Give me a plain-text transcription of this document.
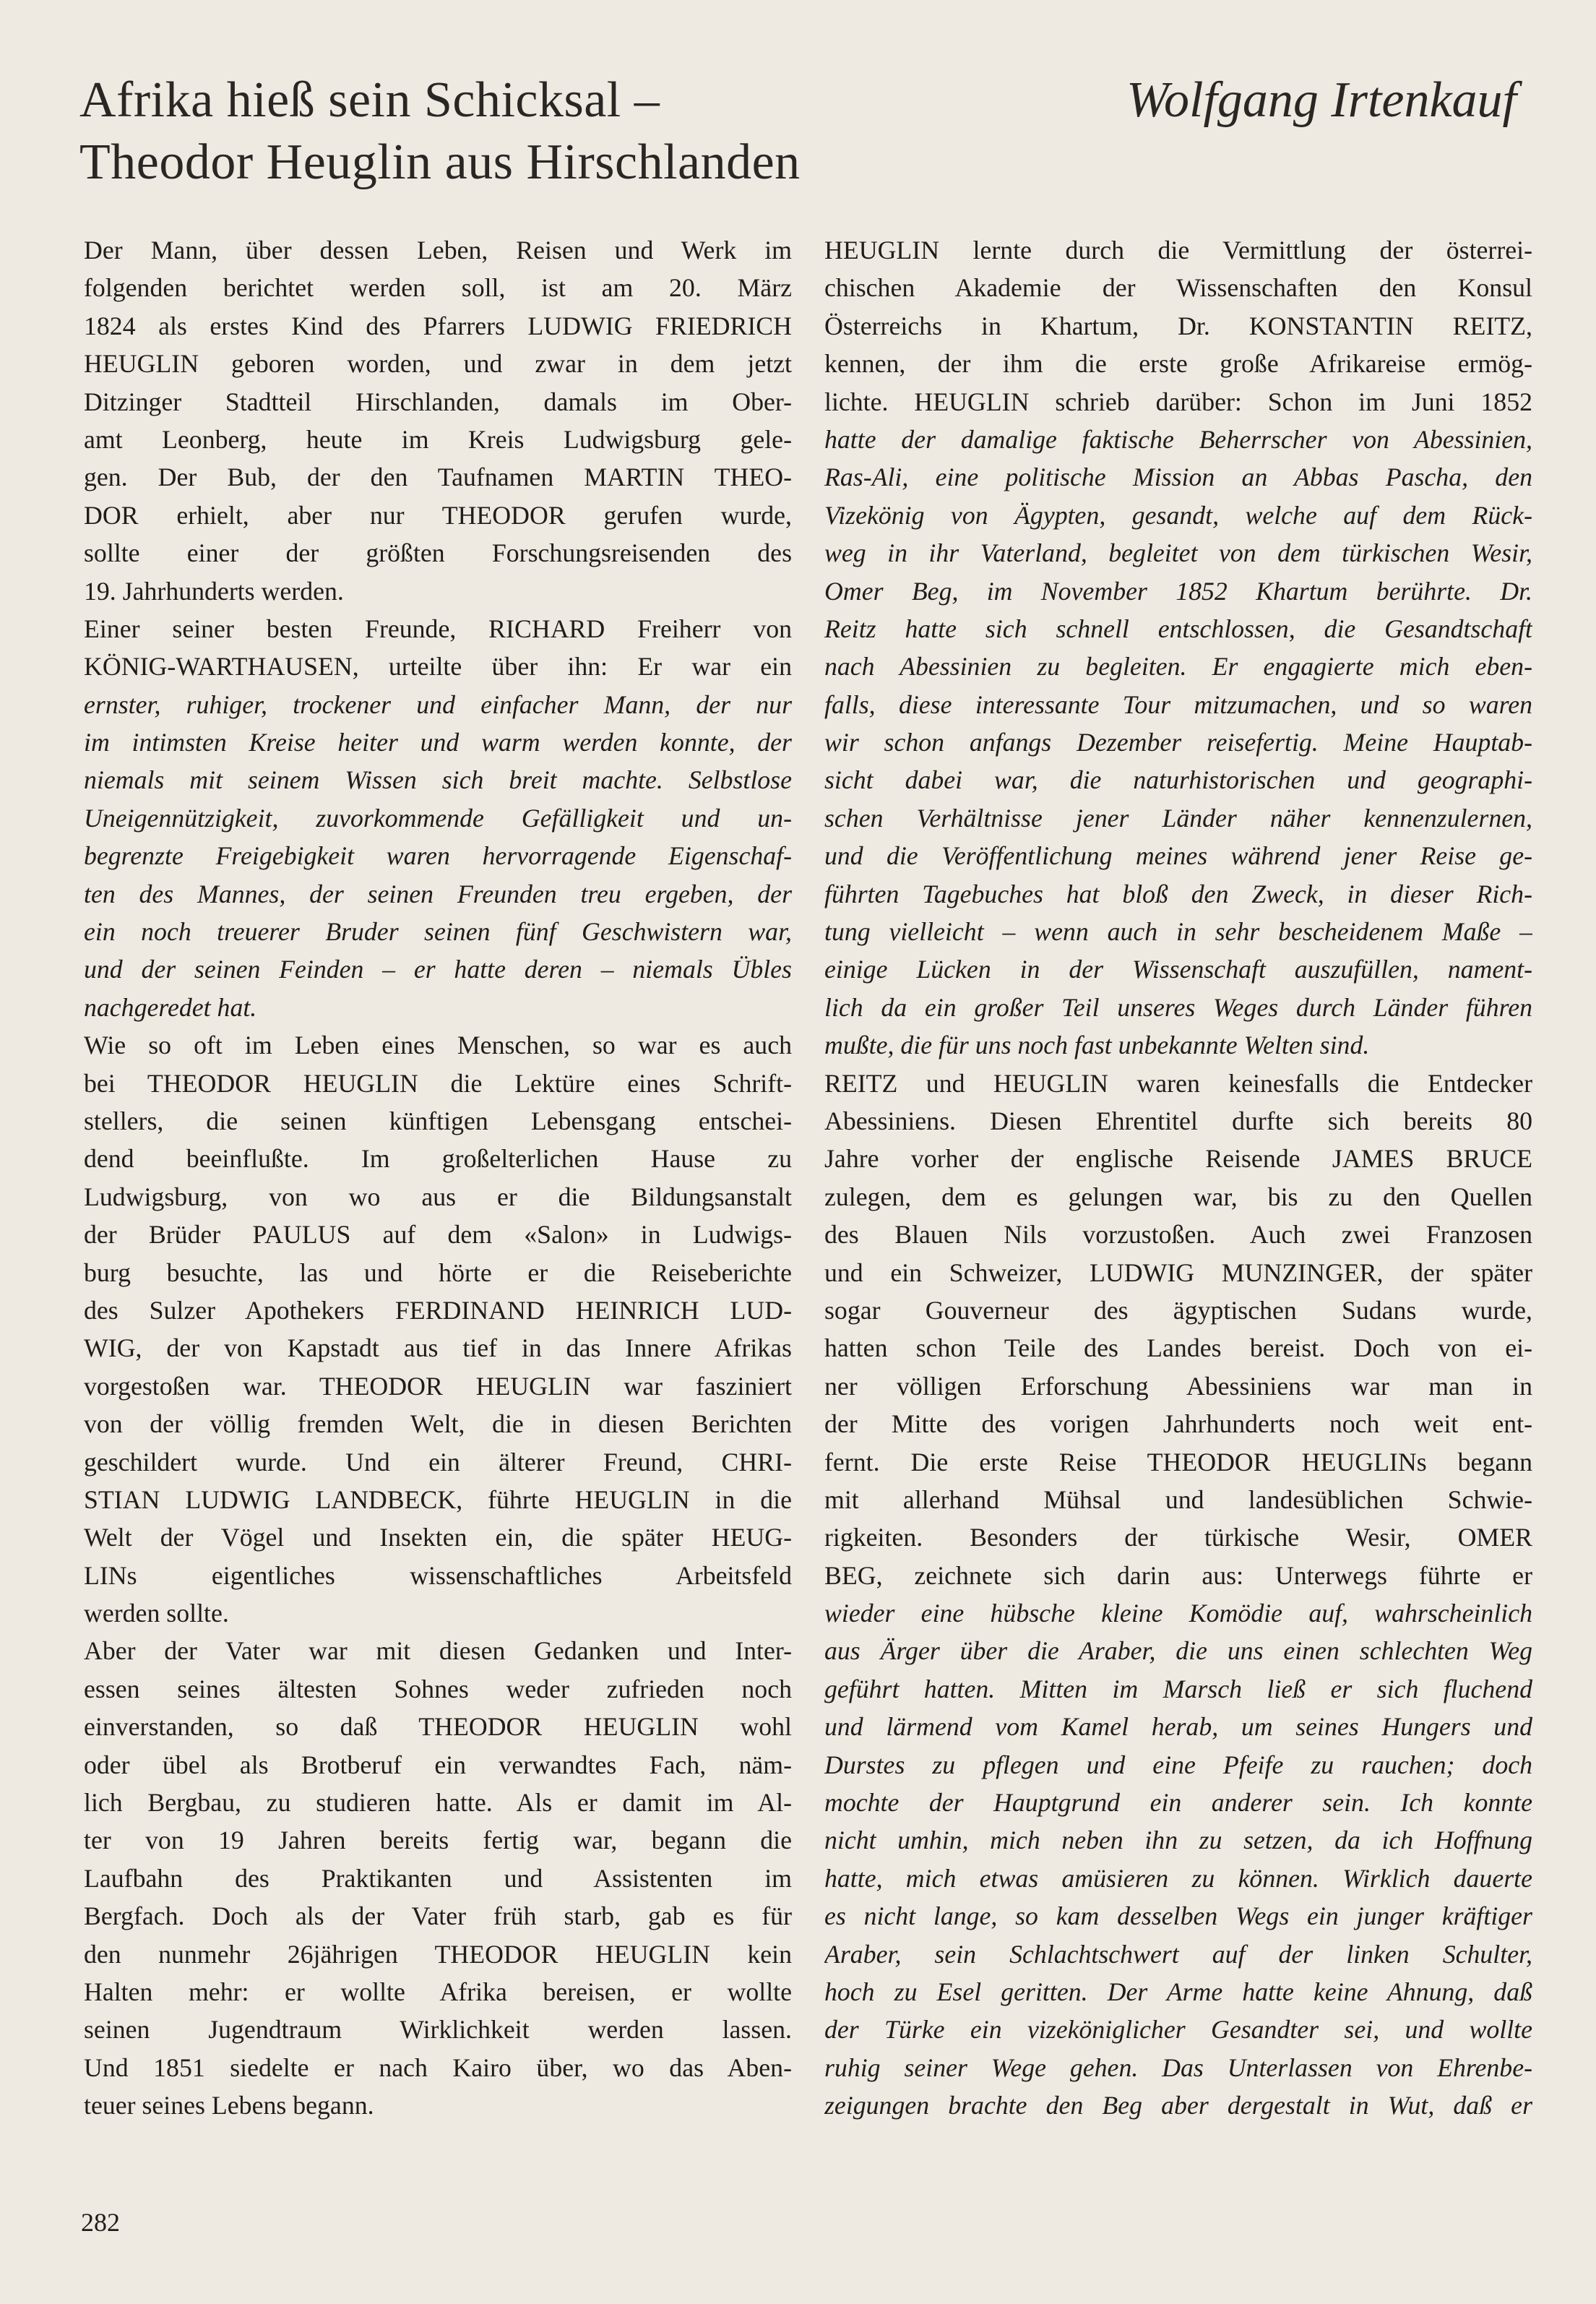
Afrika hieß sein Schicksal –
Theodor Heuglin aus Hirschlanden
Wolfgang Irtenkauf
Der Mann, über dessen Leben, Reisen und Werk im
folgenden berichtet werden soll, ist am 20. März
1824 als erstes Kind des Pfarrers LUDWIG FRIEDRICH
HEUGLIN geboren worden, und zwar in dem jetzt
Ditzinger Stadtteil Hirschlanden, damals im Ober-
amt Leonberg, heute im Kreis Ludwigsburg gele-
gen. Der Bub, der den Taufnamen MARTIN THEO-
DOR erhielt, aber nur THEODOR gerufen wurde,
sollte einer der größten Forschungsreisenden des
19. Jahrhunderts werden.
Einer seiner besten Freunde, RICHARD Freiherr von
KÖNIG-WARTHAUSEN, urteilte über ihn: Er war ein
ernster, ruhiger, trockener und einfacher Mann, der nur
im intimsten Kreise heiter und warm werden konnte, der
niemals mit seinem Wissen sich breit machte. Selbstlose
Uneigennützigkeit, zuvorkommende Gefälligkeit und un-
begrenzte Freigebigkeit waren hervorragende Eigenschaf-
ten des Mannes, der seinen Freunden treu ergeben, der
ein noch treuerer Bruder seinen fünf Geschwistern war,
und der seinen Feinden – er hatte deren – niemals Übles
nachgeredet hat.
Wie so oft im Leben eines Menschen, so war es auch
bei THEODOR HEUGLIN die Lektüre eines Schrift-
stellers, die seinen künftigen Lebensgang entschei-
dend beeinflußte. Im großelterlichen Hause zu
Ludwigsburg, von wo aus er die Bildungsanstalt
der Brüder PAULUS auf dem «Salon» in Ludwigs-
burg besuchte, las und hörte er die Reiseberichte
des Sulzer Apothekers FERDINAND HEINRICH LUD-
WIG, der von Kapstadt aus tief in das Innere Afrikas
vorgestoßen war. THEODOR HEUGLIN war fasziniert
von der völlig fremden Welt, die in diesen Berichten
geschildert wurde. Und ein älterer Freund, CHRI-
STIAN LUDWIG LANDBECK, führte HEUGLIN in die
Welt der Vögel und Insekten ein, die später HEUG-
LINs eigentliches wissenschaftliches Arbeitsfeld
werden sollte.
Aber der Vater war mit diesen Gedanken und Inter-
essen seines ältesten Sohnes weder zufrieden noch
einverstanden, so daß THEODOR HEUGLIN wohl
oder übel als Brotberuf ein verwandtes Fach, näm-
lich Bergbau, zu studieren hatte. Als er damit im Al-
ter von 19 Jahren bereits fertig war, begann die
Laufbahn des Praktikanten und Assistenten im
Bergfach. Doch als der Vater früh starb, gab es für
den nunmehr 26jährigen THEODOR HEUGLIN kein
Halten mehr: er wollte Afrika bereisen, er wollte
seinen Jugendtraum Wirklichkeit werden lassen.
Und 1851 siedelte er nach Kairo über, wo das Aben-
teuer seines Lebens begann.
HEUGLIN lernte durch die Vermittlung der österrei-
chischen Akademie der Wissenschaften den Konsul
Österreichs in Khartum, Dr. KONSTANTIN REITZ,
kennen, der ihm die erste große Afrikareise ermög-
lichte. HEUGLIN schrieb darüber: Schon im Juni 1852
hatte der damalige faktische Beherrscher von Abessinien,
Ras-Ali, eine politische Mission an Abbas Pascha, den
Vizekönig von Ägypten, gesandt, welche auf dem Rück-
weg in ihr Vaterland, begleitet von dem türkischen Wesir,
Omer Beg, im November 1852 Khartum berührte. Dr.
Reitz hatte sich schnell entschlossen, die Gesandtschaft
nach Abessinien zu begleiten. Er engagierte mich eben-
falls, diese interessante Tour mitzumachen, und so waren
wir schon anfangs Dezember reisefertig. Meine Hauptab-
sicht dabei war, die naturhistorischen und geographi-
schen Verhältnisse jener Länder näher kennenzulernen,
und die Veröffentlichung meines während jener Reise ge-
führten Tagebuches hat bloß den Zweck, in dieser Rich-
tung vielleicht – wenn auch in sehr bescheidenem Maße –
einige Lücken in der Wissenschaft auszufüllen, nament-
lich da ein großer Teil unseres Weges durch Länder führen
mußte, die für uns noch fast unbekannte Welten sind.
REITZ und HEUGLIN waren keinesfalls die Entdecker
Abessiniens. Diesen Ehrentitel durfte sich bereits 80
Jahre vorher der englische Reisende JAMES BRUCE
zulegen, dem es gelungen war, bis zu den Quellen
des Blauen Nils vorzustoßen. Auch zwei Franzosen
und ein Schweizer, LUDWIG MUNZINGER, der später
sogar Gouverneur des ägyptischen Sudans wurde,
hatten schon Teile des Landes bereist. Doch von ei-
ner völligen Erforschung Abessiniens war man in
der Mitte des vorigen Jahrhunderts noch weit ent-
fernt. Die erste Reise THEODOR HEUGLINs begann
mit allerhand Mühsal und landesüblichen Schwie-
rigkeiten. Besonders der türkische Wesir, OMER
BEG, zeichnete sich darin aus: Unterwegs führte er
wieder eine hübsche kleine Komödie auf, wahrscheinlich
aus Ärger über die Araber, die uns einen schlechten Weg
geführt hatten. Mitten im Marsch ließ er sich fluchend
und lärmend vom Kamel herab, um seines Hungers und
Durstes zu pflegen und eine Pfeife zu rauchen; doch
mochte der Hauptgrund ein anderer sein. Ich konnte
nicht umhin, mich neben ihn zu setzen, da ich Hoffnung
hatte, mich etwas amüsieren zu können. Wirklich dauerte
es nicht lange, so kam desselben Wegs ein junger kräftiger
Araber, sein Schlachtschwert auf der linken Schulter,
hoch zu Esel geritten. Der Arme hatte keine Ahnung, daß
der Türke ein vizeköniglicher Gesandter sei, und wollte
ruhig seiner Wege gehen. Das Unterlassen von Ehrenbe-
zeigungen brachte den Beg aber dergestalt in Wut, daß er
282
